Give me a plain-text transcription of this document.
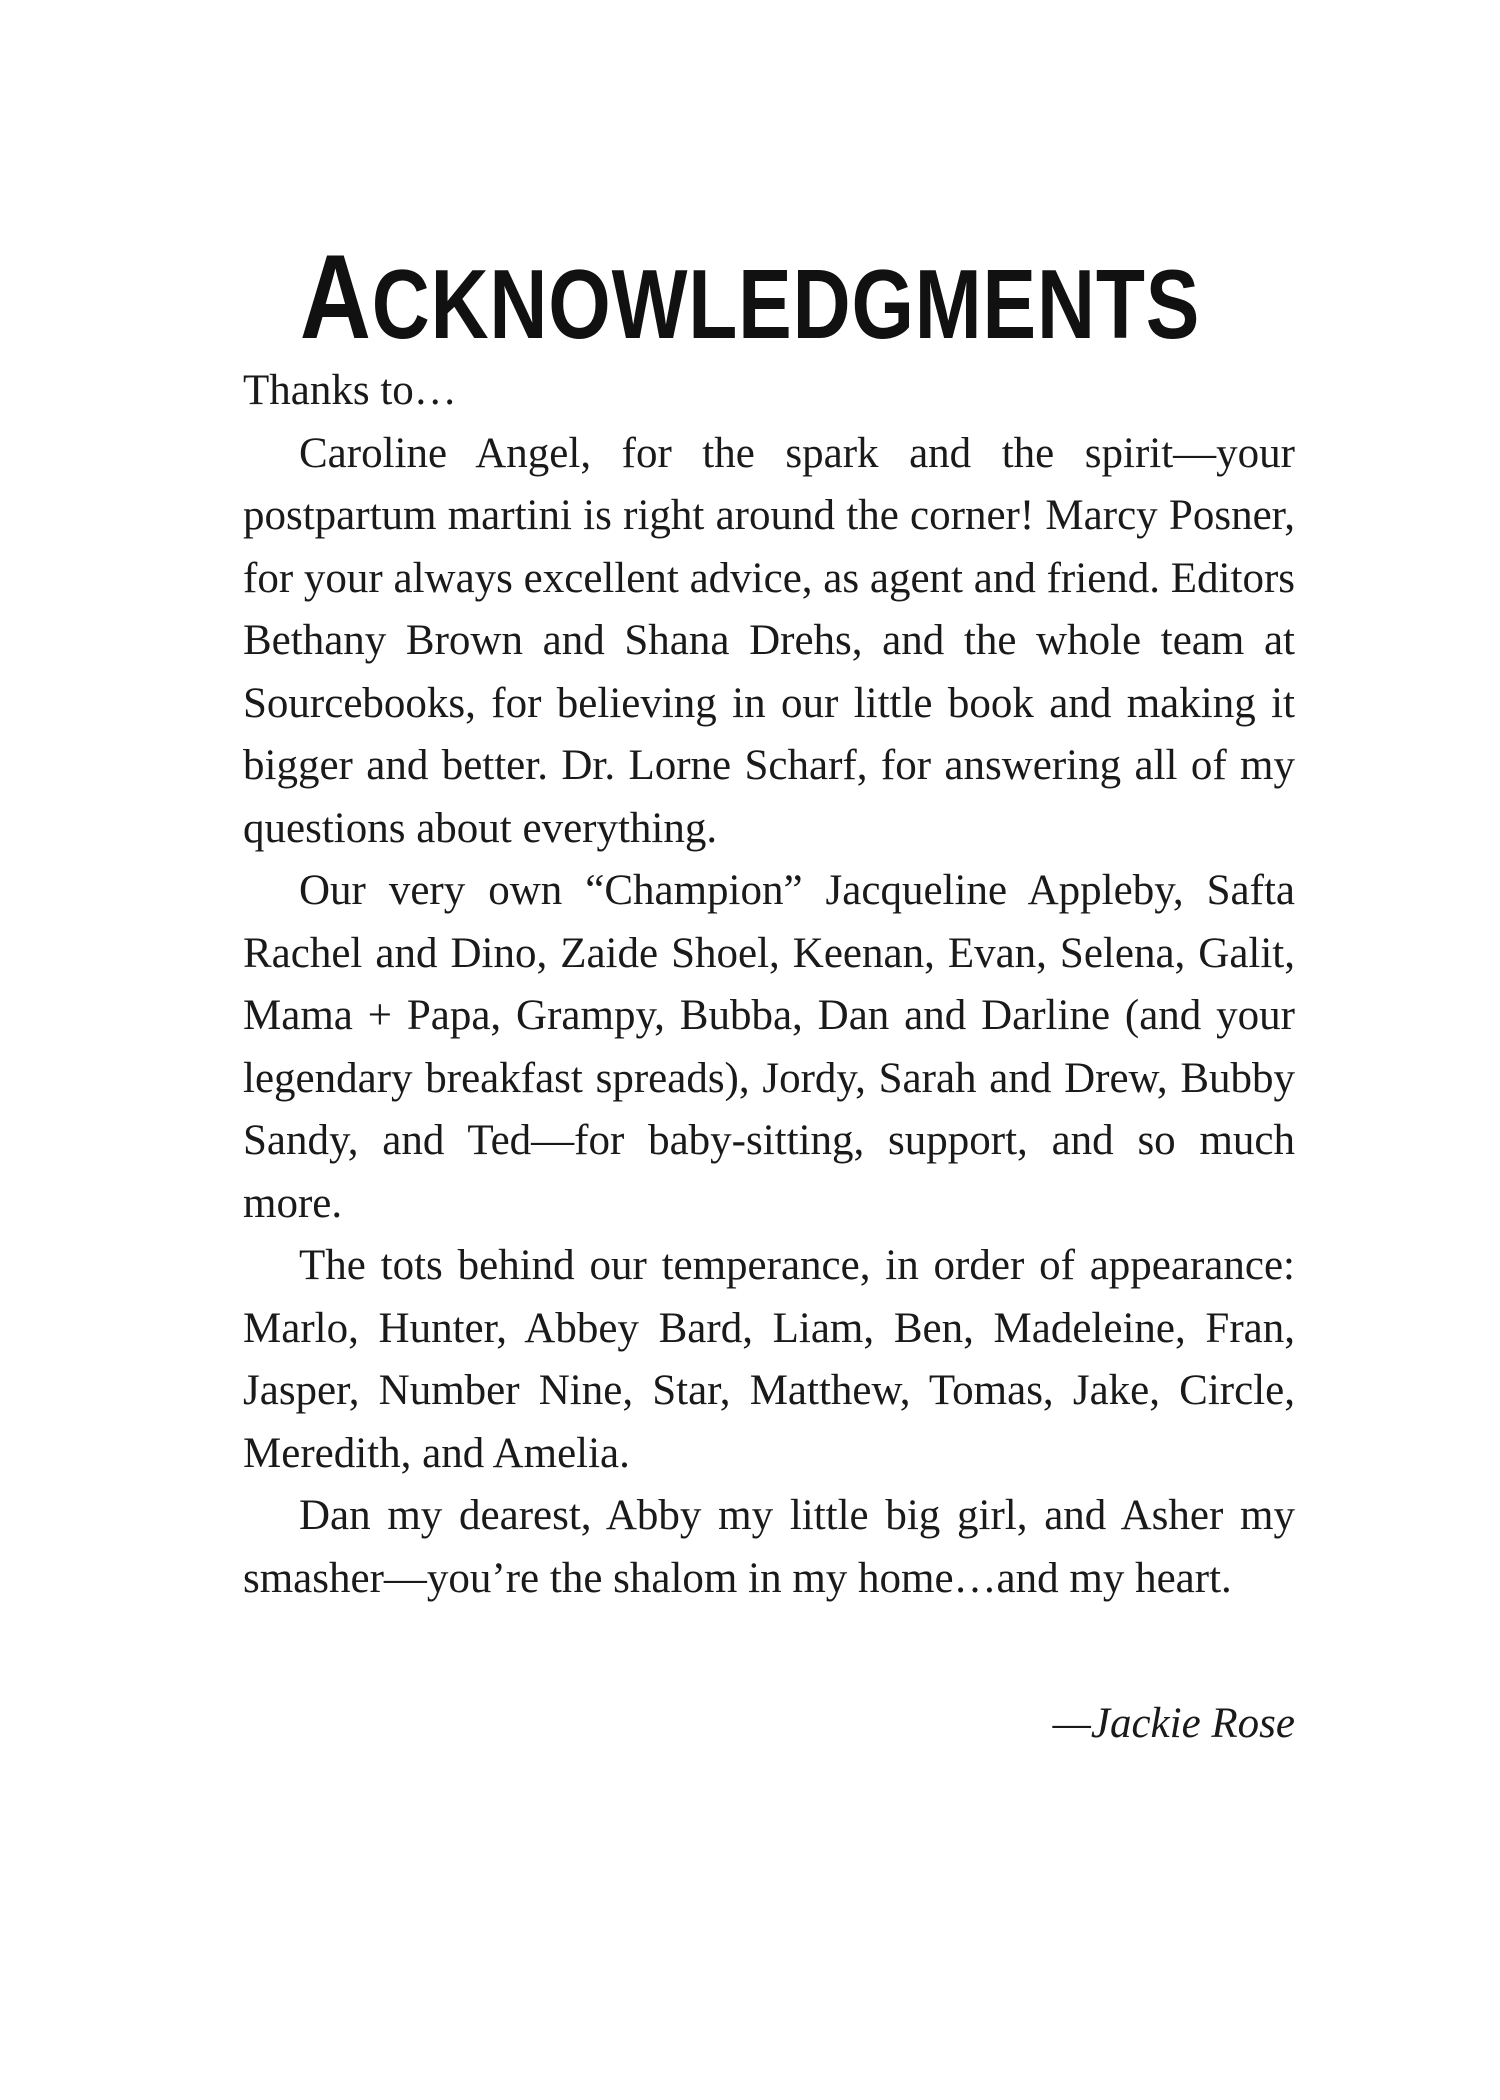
ACKNOWLEDGMENTS

Thanks to…

Caroline Angel, for the spark and the spirit—your postpartum martini is right around the corner! Marcy Posner, for your always excellent advice, as agent and friend. Editors Bethany Brown and Shana Drehs, and the whole team at Sourcebooks, for believing in our little book and making it bigger and better. Dr. Lorne Scharf, for answering all of my questions about everything.

Our very own “Champion” Jacqueline Appleby, Safta Rachel and Dino, Zaide Shoel, Keenan, Evan, Selena, Galit, Mama + Papa, Grampy, Bubba, Dan and Darline (and your legendary breakfast spreads), Jordy, Sarah and Drew, Bubby Sandy, and Ted—for baby-sitting, support, and so much more.

The tots behind our temperance, in order of appearance: Marlo, Hunter, Abbey Bard, Liam, Ben, Madeleine, Fran, Jasper, Number Nine, Star, Matthew, Tomas, Jake, Circle, Meredith, and Amelia.

Dan my dearest, Abby my little big girl, and Asher my smasher—you’re the shalom in my home…and my heart.

—Jackie Rose
